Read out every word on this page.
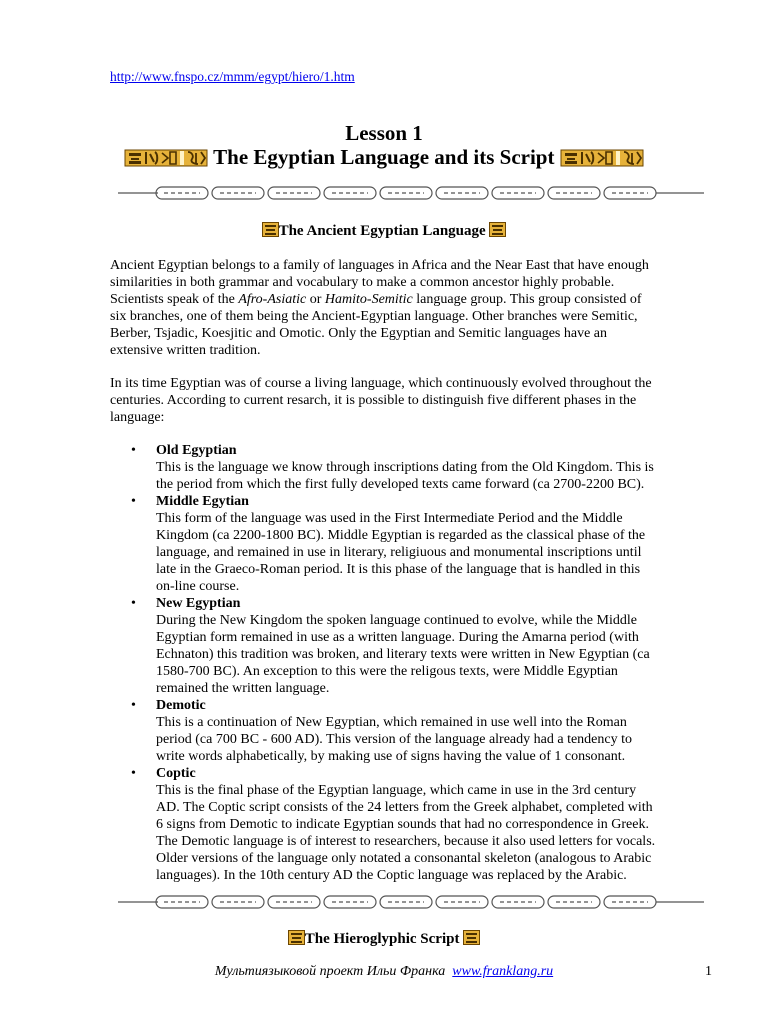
http://www.fnspo.cz/mmm/egypt/hiero/1.htm
Lesson 1
The Egyptian Language and its Script
The Ancient Egyptian Language

Ancient Egyptian belongs to a family of languages in Africa and the Near East that have enough
similarities in both grammar and vocabulary to make a common ancestor highly probable.
Scientists speak of the Afro-Asiatic or Hamito-Semitic language group. This group consisted of
six branches, one of them being the Ancient-Egyptian language. Other branches were Semitic,
Berber, Tsjadic, Koesjitic and Omotic. Only the Egyptian and Semitic languages have an
extensive written tradition.

In its time Egyptian was of course a living language, which continuously evolved throughout the
centuries. According to current resarch, it is possible to distinguish five different phases in the
language:

• Old Egyptian
This is the language we know through inscriptions dating from the Old Kingdom. This is
the period from which the first fully developed texts came forward (ca 2700-2200 BC).
• Middle Egytian
This form of the language was used in the First Intermediate Period and the Middle
Kingdom (ca 2200-1800 BC). Middle Egyptian is regarded as the classical phase of the
language, and remained in use in literary, religiuous and monumental inscriptions until
late in the Graeco-Roman period. It is this phase of the language that is handled in this
on-line course.
• New Egyptian
During the New Kingdom the spoken language continued to evolve, while the Middle
Egyptian form remained in use as a written language. During the Amarna period (with
Echnaton) this tradition was broken, and literary texts were written in New Egyptian (ca
1580-700 BC). An exception to this were the religous texts, were Middle Egyptian
remained the written language.
• Demotic
This is a continuation of New Egyptian, which remained in use well into the Roman
period (ca 700 BC - 600 AD). This version of the language already had a tendency to
write words alphabetically, by making use of signs having the value of 1 consonant.
• Coptic
This is the final phase of the Egyptian language, which came in use in the 3rd century
AD. The Coptic script consists of the 24 letters from the Greek alphabet, completed with
6 signs from Demotic to indicate Egyptian sounds that had no correspondence in Greek.
The Demotic language is of interest to researchers, because it also used letters for vocals.
Older versions of the language only notated a consonantal skeleton (analogous to Arabic
languages). In the 10th century AD the Coptic language was replaced by the Arabic.
The Hieroglyphic Script
Мультиязыковой проект Ильи Франка www.franklang.ru	1
